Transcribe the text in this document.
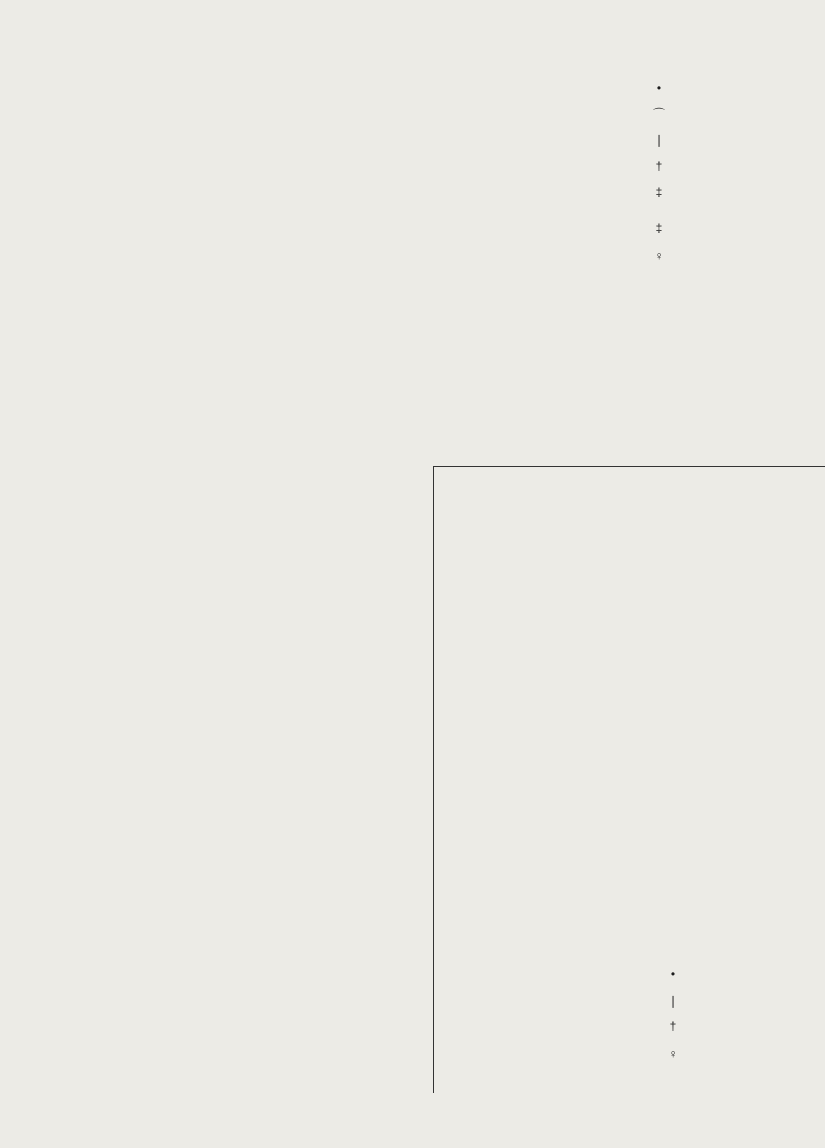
•
⌒
❘
†
‡
‡
♀
•
❘
†
♀
